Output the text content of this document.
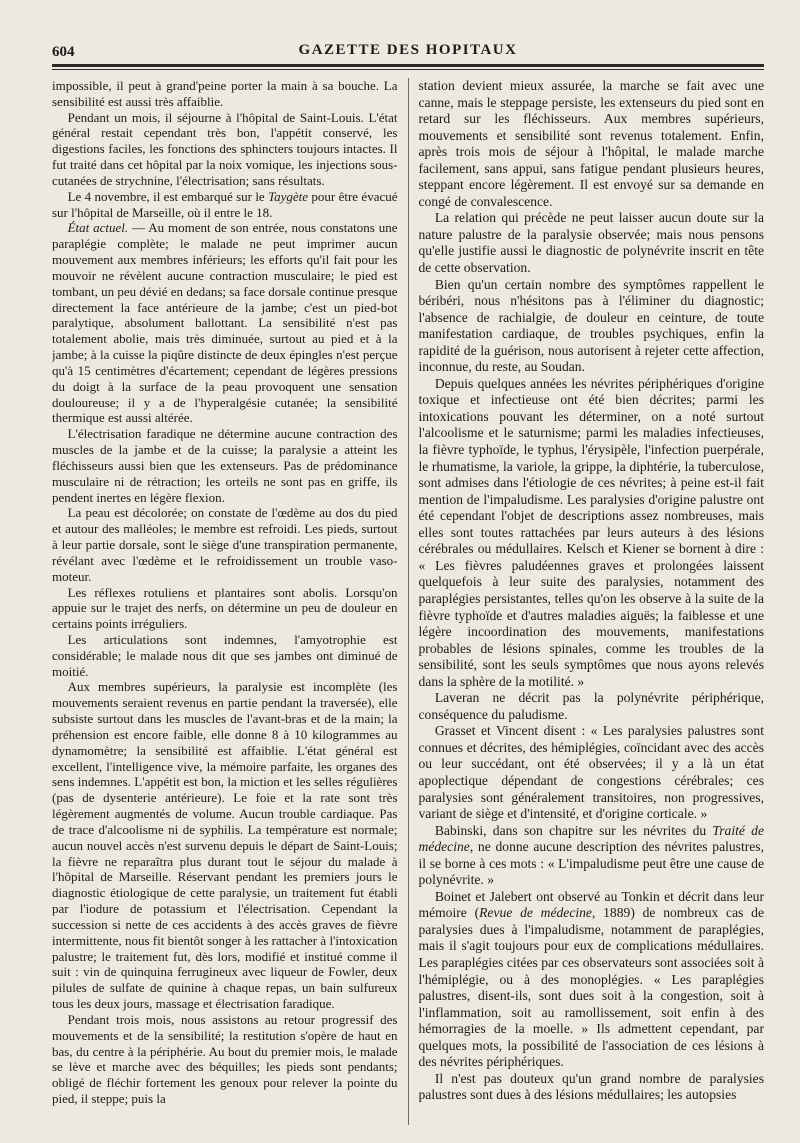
604	GAZETTE DES HOPITAUX

impossible, il peut à grand'peine porter la main à sa bouche. La sensibilité est aussi très affaiblie.

Pendant un mois, il séjourne à l'hôpital de Saint-Louis. L'état général restait cependant très bon, l'appétit conservé, les digestions faciles, les fonctions des sphincters toujours intactes. Il fut traité dans cet hôpital par la noix vomique, les injections sous-cutanées de strychnine, l'électrisation; sans résultats.

Le 4 novembre, il est embarqué sur le Taygète pour être évacué sur l'hôpital de Marseille, où il entre le 18.

État actuel. — Au moment de son entrée, nous constatons une paraplégie complète; le malade ne peut imprimer aucun mouvement aux membres inférieurs; les efforts qu'il fait pour les mouvoir ne révèlent aucune contraction musculaire; le pied est tombant, un peu dévié en dedans; sa face dorsale continue presque directement la face antérieure de la jambe; c'est un pied-bot paralytique, absolument ballottant. La sensibilité n'est pas totalement abolie, mais très diminuée, surtout au pied et à la jambe; à la cuisse la piqûre distincte de deux épingles n'est perçue qu'à 15 centimètres d'écartement; cependant de légères pressions du doigt à la surface de la peau provoquent une sensation douloureuse; il y a de l'hyperalgésie cutanée; la sensibilité thermique est aussi altérée.

L'électrisation faradique ne détermine aucune contraction des muscles de la jambe et de la cuisse; la paralysie a atteint les fléchisseurs aussi bien que les extenseurs. Pas de prédominance musculaire ni de rétraction; les orteils ne sont pas en griffe, ils pendent inertes en légère flexion.

La peau est décolorée; on constate de l'œdème au dos du pied et autour des malléoles; le membre est refroidi. Les pieds, surtout à leur partie dorsale, sont le siège d'une transpiration permanente, révélant avec l'œdème et le refroidissement un trouble vaso-moteur.

Les réflexes rotuliens et plantaires sont abolis. Lorsqu'on appuie sur le trajet des nerfs, on détermine un peu de douleur en certains points irréguliers.

Les articulations sont indemnes, l'amyotrophie est considérable; le malade nous dit que ses jambes ont diminué de moitié.

Aux membres supérieurs, la paralysie est incomplète (les mouvements seraient revenus en partie pendant la traversée), elle subsiste surtout dans les muscles de l'avant-bras et de la main; la préhension est encore faible, elle donne 8 à 10 kilogrammes au dynamomètre; la sensibilité est affaiblie. L'état général est excellent, l'intelligence vive, la mémoire parfaite, les organes des sens indemnes. L'appétit est bon, la miction et les selles régulières (pas de dysenterie antérieure). Le foie et la rate sont très légèrement augmentés de volume. Aucun trouble cardiaque. Pas de trace d'alcoolisme ni de syphilis. La température est normale; aucun nouvel accès n'est survenu depuis le départ de Saint-Louis; la fièvre ne reparaîtra plus durant tout le séjour du malade à l'hôpital de Marseille. Réservant pendant les premiers jours le diagnostic étiologique de cette paralysie, un traitement fut établi par l'iodure de potassium et l'électrisation. Cependant la succession si nette de ces accidents à des accès graves de fièvre intermittente, nous fit bientôt songer à les rattacher à l'intoxication palustre; le traitement fut, dès lors, modifié et institué comme il suit : vin de quinquina ferrugineux avec liqueur de Fowler, deux pilules de sulfate de quinine à chaque repas, un bain sulfureux tous les deux jours, massage et électrisation faradique.

Pendant trois mois, nous assistons au retour progressif des mouvements et de la sensibilité; la restitution s'opère de haut en bas, du centre à la périphérie. Au bout du premier mois, le malade se lève et marche avec des béquilles; les pieds sont pendants; obligé de fléchir fortement les genoux pour relever la pointe du pied, il steppe; puis la

station devient mieux assurée, la marche se fait avec une canne, mais le steppage persiste, les extenseurs du pied sont en retard sur les fléchisseurs. Aux membres supérieurs, mouvements et sensibilité sont revenus totalement. Enfin, après trois mois de séjour à l'hôpital, le malade marche facilement, sans appui, sans fatigue pendant plusieurs heures, steppant encore légèrement. Il est envoyé sur sa demande en congé de convalescence.

La relation qui précède ne peut laisser aucun doute sur la nature palustre de la paralysie observée; mais nous pensons qu'elle justifie aussi le diagnostic de polynévrite inscrit en tête de cette observation.

Bien qu'un certain nombre des symptômes rappellent le béribéri, nous n'hésitons pas à l'éliminer du diagnostic; l'absence de rachialgie, de douleur en ceinture, de toute manifestation cardiaque, de troubles psychiques, enfin la rapidité de la guérison, nous autorisent à rejeter cette affection, inconnue, du reste, au Soudan.

Depuis quelques années les névrites périphériques d'origine toxique et infectieuse ont été bien décrites; parmi les intoxications pouvant les déterminer, on a noté surtout l'alcoolisme et le saturnisme; parmi les maladies infectieuses, la fièvre typhoïde, le typhus, l'érysipèle, l'infection puerpérale, le rhumatisme, la variole, la grippe, la diphtérie, la tuberculose, sont admises dans l'étiologie de ces névrites; à peine est-il fait mention de l'impaludisme. Les paralysies d'origine palustre ont été cependant l'objet de descriptions assez nombreuses, mais elles sont toutes rattachées par leurs auteurs à des lésions cérébrales ou médullaires. Kelsch et Kiener se bornent à dire : « Les fièvres paludéennes graves et prolongées laissent quelquefois à leur suite des paralysies, notamment des paraplégies persistantes, telles qu'on les observe à la suite de la fièvre typhoïde et d'autres maladies aiguës; la faiblesse et une légère incoordination des mouvements, manifestations probables de lésions spinales, comme les troubles de la sensibilité, sont les seuls symptômes que nous ayons relevés dans la sphère de la motilité. »

Laveran ne décrit pas la polynévrite périphérique, conséquence du paludisme.

Grasset et Vincent disent : « Les paralysies palustres sont connues et décrites, des hémiplégies, coïncidant avec des accès ou leur succédant, ont été observées; il y a là un état apoplectique dépendant de congestions cérébrales; ces paralysies sont généralement transitoires, non progressives, variant de siège et d'intensité, et d'origine corticale. »

Babinski, dans son chapitre sur les névrites du Traité de médecine, ne donne aucune description des névrites palustres, il se borne à ces mots : « L'impaludisme peut être une cause de polynévrite. »

Boinet et Jalebert ont observé au Tonkin et décrit dans leur mémoire (Revue de médecine, 1889) de nombreux cas de paralysies dues à l'impaludisme, notamment de paraplégies, mais il s'agit toujours pour eux de complications médullaires. Les paraplégies citées par ces observateurs sont associées soit à l'hémiplégie, ou à des monoplégies. « Les paraplégies palustres, disent-ils, sont dues soit à la congestion, soit à l'inflammation, soit au ramollissement, soit enfin à des hémorragies de la moelle. » Ils admettent cependant, par quelques mots, la possibilité de l'association de ces lésions à des névrites périphériques.

Il n'est pas douteux qu'un grand nombre de paralysies palustres sont dues à des lésions médullaires; les autopsies
